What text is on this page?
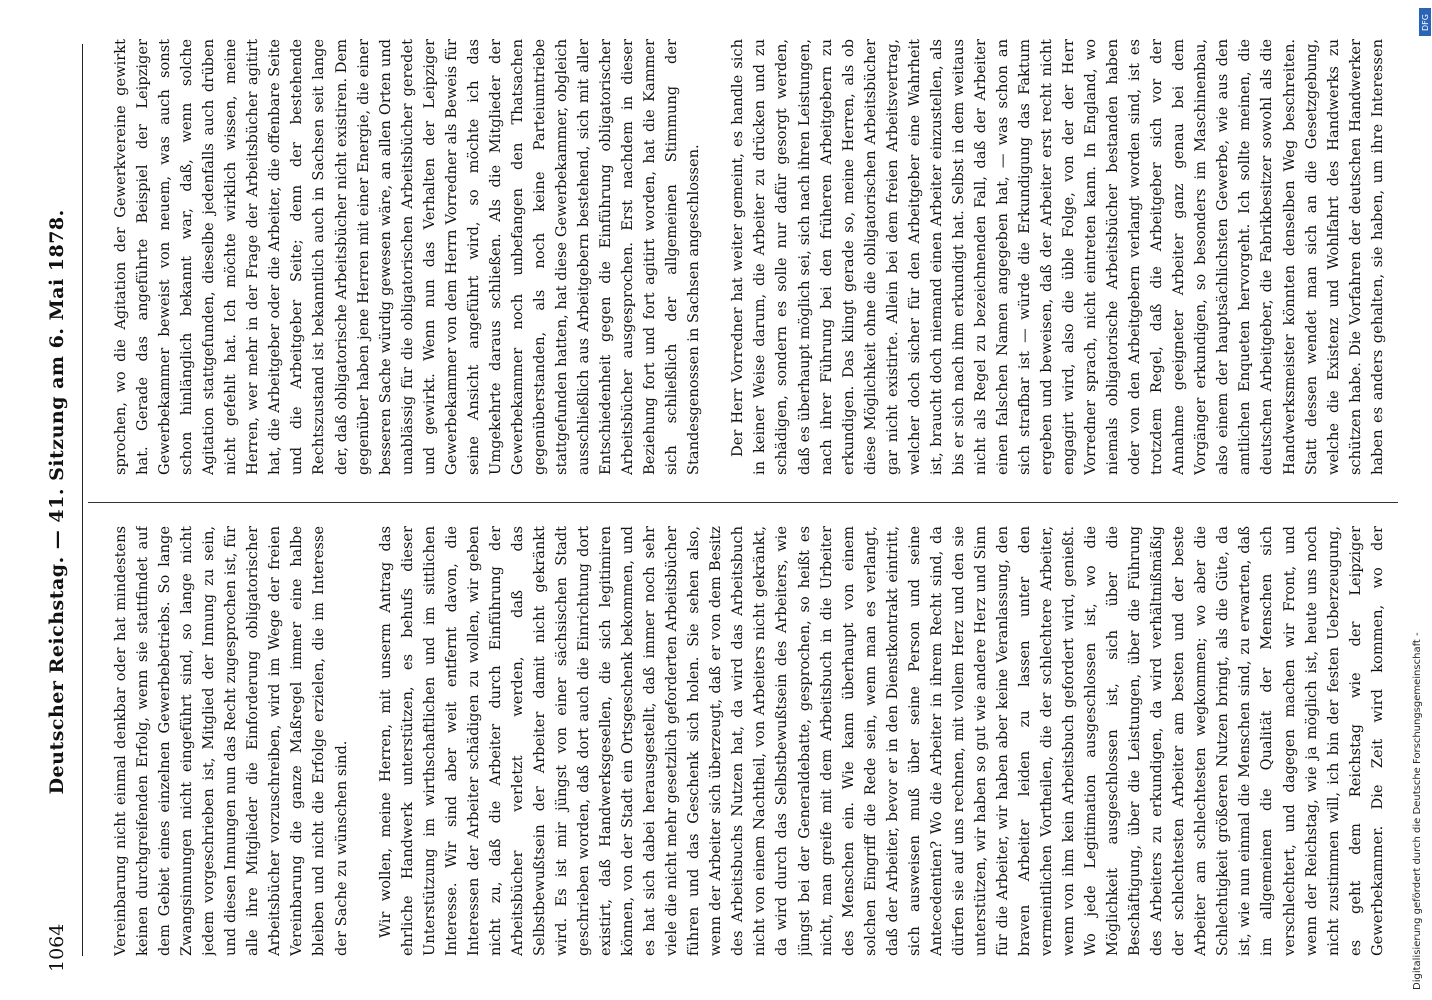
1064
Deutscher Reichstag. — 41. Sitzung am 6. Mai 1878.	Vereinbarung nicht einmal denkbar oder hat mindestens keinen durchgreifenden Erfolg, wenn sie stattfindet auf dem Gebiet eines einzelnen Gewerbebetriebs. So lange Zwangsinnungen nicht eingeführt sind, so lange nicht jedem vorgeschrieben ist, Mitglied der Innung zu sein, und diesen Innungen nun das Recht zugesprochen ist, für alle ihre Mitglieder die Einforderung obligatorischer Arbeitsbücher vorzuschreiben, wird im Wege der freien Vereinbarung die ganze Maßregel immer eine halbe bleiben und nicht die Erfolge erzielen, die im Interesse der Sache zu wünschen sind. Wir wollen, meine Herren, mit unserm Antrag das ehrliche Handwerk unterstützen, es behufs dieser Unterstützung im wirthschaftlichen und im sittlichen Interesse. Wir sind aber weit entfernt davon, die Interessen der Arbeiter schädigen zu wollen, wir geben nicht zu, daß die Arbeiter durch Einführung der Arbeitsbücher verletzt werden, daß das Selbstbewußtsein der Arbeiter damit nicht gekränkt wird. Es ist mir jüngst von einer sächsischen Stadt geschrieben worden, daß dort auch die Einrichtung dort existirt, daß Handwerksgesellen, die sich legitimiren können, von der Stadt ein Ortsgeschenk bekommen, und es hat sich dabei herausgestellt, daß immer noch sehr viele die nicht mehr gesetzlich geforderten Arbeitsbücher führen und das Geschenk sich holen. Sie sehen also, wenn der Arbeiter sich überzeugt, daß er von dem Besitz des Arbeitsbuchs Nutzen hat, da wird das Arbeitsbuch nicht von einem Nachtheil, von Arbeiters nicht gekränkt, da wird durch das Selbstbewußtsein des Arbeiters, wie jüngst bei der Generaldebatte, gesprochen, so heißt es nicht, man greife mit dem Arbeitsbuch in die Urbeiter des Menschen ein. Wie kann überhaupt von einem solchen Eingriff die Rede sein, wenn man es verlangt, daß der Arbeiter, bevor er in den Dienstkontrakt eintritt, sich ausweisen muß über seine Person und seine Antecedentien? Wo die Arbeiter in ihrem Recht sind, da dürfen sie auf uns rechnen, mit vollem Herz und den sie unterstützen, wir haben so gut wie andere Herz und Sinn für die Arbeiter, wir haben aber keine Veranlassung, den braven Arbeiter leiden zu lassen unter den vermeintlichen Vortheilen, die der schlechtere Arbeiter, wenn von ihm kein Arbeitsbuch gefordert wird, genießt. Wo jede Legitimation ausgeschlossen ist, wo die Möglichkeit ausgeschlossen ist, sich über die Beschäftigung, über die Leistungen, über die Führung des Arbeiters zu erkundigen, da wird verhältnißmäßig der schlechtesten Arbeiter am besten und der beste Arbeiter am schlechtesten wegkommen; wo aber die Schlechtigkeit größeren Nutzen bringt, als die Güte, da ist, wie nun einmal die Menschen sind, zu erwarten, daß im allgemeinen die Qualität der Menschen sich verschlechtert, und dagegen machen wir Front, und wenn der Reichstag, wie ja möglich ist, heute uns noch nicht zustimmen will, ich bin der festen Ueberzeugung, es geht dem Reichstag wie der Leipziger Gewerbekammer. Die Zeit wird kommen, wo der

sprochen, wo die Agitation der Gewerkvereine gewirkt hat. Gerade das angeführte Beispiel der Leipziger Gewerbekammer beweist von neuem, was auch sonst schon hinlänglich bekannt war, daß, wenn solche Agitation stattgefunden, dieselbe jedenfalls auch drüben nicht gefehlt hat. Ich möchte wirklich wissen, meine Herren, wer mehr in der Frage der Arbeitsbücher agitirt hat, die Arbeitgeber oder die Arbeiter, die offenbare Seite und die Arbeitgeber Seite; denn der bestehende Rechtszustand ist bekanntlich auch in Sachsen seit lange der, daß obligatorische Arbeitsbücher nicht existiren. Dem gegenüber haben jene Herren mit einer Energie, die einer besseren Sache würdig gewesen wäre, an allen Orten und unablässig für die obligatorischen Arbeitsbücher geredet und gewirkt. Wenn nun das Verhalten der Leipziger Gewerbekammer von dem Herrn Vorredner als Beweis für seine Ansicht angeführt wird, so möchte ich das Umgekehrte daraus schließen. Als die Mitglieder der Gewerbekammer noch unbefangen den Thatsachen gegenüberstanden, als noch keine Parteiumtriebe stattgefunden hatten, hat diese Gewerbekammer, obgleich ausschließlich aus Arbeitgebern bestehend, sich mit aller Entschiedenheit gegen die Einführung obligatorischer Arbeitsbücher ausgesprochen. Erst nachdem in dieser Beziehung fort und fort agitirt worden, hat die Kammer sich schließlich der allgemeinen Stimmung der Standesgenossen in Sachsen angeschlossen. Der Herr Vorredner hat weiter gemeint, es handle sich in keiner Weise darum, die Arbeiter zu drücken und zu schädigen, sondern es solle nur dafür gesorgt werden, daß es überhaupt möglich sei, sich nach ihren Leistungen, nach ihrer Führung bei den früheren Arbeitgebern zu erkundigen. Das klingt gerade so, meine Herren, als ob diese Möglichkeit ohne die obligatorischen Arbeitsbücher gar nicht existirte. Allein bei dem freien Arbeitsvertrag, welcher doch sicher für den Arbeitgeber eine Wahrheit ist, braucht doch niemand einen Arbeiter einzustellen, als bis er sich nach ihm erkundigt hat. Selbst in dem weitaus nicht als Regel zu bezeichnenden Fall, daß der Arbeiter einen falschen Namen angegeben hat, — was schon an sich strafbar ist — würde die Erkundigung das Faktum ergeben und beweisen, daß der Arbeiter erst recht nicht engagirt wird, also die üble Folge, von der der Herr Vorredner sprach, nicht eintreten kann. In England, wo niemals obligatorische Arbeitsbücher bestanden haben oder von den Arbeitgebern verlangt worden sind, ist es trotzdem Regel, daß die Arbeitgeber sich vor der Annahme geeigneter Arbeiter ganz genau bei dem Vorgänger erkundigen, so besonders im Maschinenbau, also einem der hauptsächlichsten Gewerbe, wie aus den amtlichen Enqueten hervorgeht. Ich sollte meinen, die deutschen Arbeitgeber, die Fabrikbesitzer sowohl als die Handwerksmeister könnten denselben Weg beschreiten. Statt dessen wendet man sich an die Gesetzgebung, welche die Existenz und Wohlfahrt des Handwerks zu schützen habe. Die Vorfahren der deutschen Handwerker haben es anders gehalten, sie haben, um ihre Interessen

Digitalisierung gefördert durch die Deutsche Forschungsgemeinschaft -
DFG
